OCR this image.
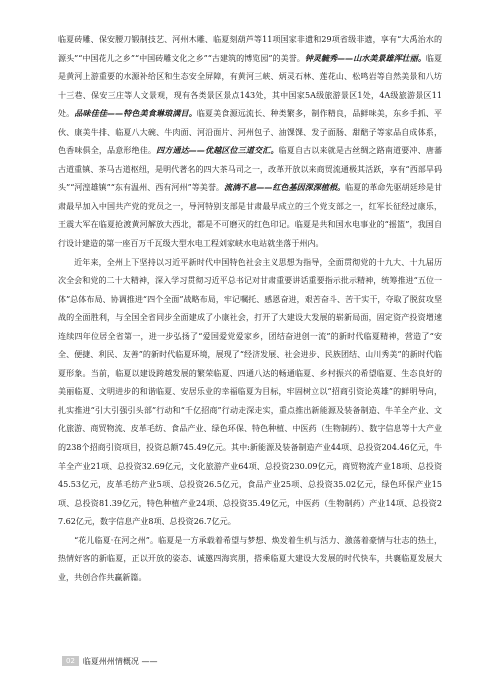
临夏砖雕、保安腰刀锻制技艺、河州木雕、临夏刻葫芦等11项国家非遗和29项省级非遗，享有“大禹治水的源头”“中国花儿之乡”“中国砖雕文化之乡”“古建筑的博览园”的美誉。钟灵毓秀——山水美景雄浑壮丽。临夏是黄河上游重要的水源补给区和生态安全屏障，有黄河三峡、炳灵石林、莲花山、松鸣岩等自然美景和八坊十三巷、保安三庄等人文景观，现有各类景区景点143处，其中国家5A级旅游景区1处，4A级旅游景区11处。品味佳佳——特色美食琳琅满目。临夏美食源远流长、种类繁多，制作精良，品鲜味美，东乡手抓、平伙、康美牛排、临夏八大碗、牛肉面、河沿面片、河州包子、油馃馃、发子面肠、甜醅子等家品自成体系，色香味俱全，品意形绝佳。四方通达——优越区位三道交汇。临夏自古以来就是古丝绸之路南道要冲、唐蕃古道重镇、茶马古道枢纽，是明代著名的四大茶马司之一，改革开放以来商贸流通极其活跃，享有“西部旱码头”“河湟雄镇”“东有温州、西有河州”等美誉。流淌不息——红色基因深深植根。临夏的革命先驱胡廷珍是甘肃最早加入中国共产党的党员之一，导河特别支部是甘肃最早成立的三个党支部之一，红军长征经过康乐，王震大军在临夏抢渡黄河解放大西北，都是不可磨灭的红色印记。临夏是共和国水电事业的“摇篮”，我国自行设计建造的第一座百万千瓦级大型水电工程刘家峡水电站就坐落于州内。

近年来，全州上下坚持以习近平新时代中国特色社会主义思想为指导，全面贯彻党的十九大、十九届历次全会和党的二十大精神，深入学习贯彻习近平总书记对甘肃重要讲话重要指示批示精神，统筹推进“五位一体”总体布局、协调推进“四个全面”战略布局，牢记嘱托、感恩奋进，艰苦奋斗、苦干实干，夺取了脱贫攻坚战的全面胜利，与全国全省同步全面建成了小康社会，打开了大建设大发展的崭新局面，固定资产投资增速连续四年位居全省第一，进一步弘扬了“爱国爱党爱家乡，团结奋进创一流”的新时代临夏精神，营造了“安全、便捷、利民、友善”的新时代临夏环境，展现了“经济发展、社会进步、民族团结、山川秀美”的新时代临夏形象。当前，临夏以建设跨越发展的繁荣临夏、四通八达的畅通临夏、乡村振兴的希望临夏、生态良好的美丽临夏、文明进步的和谐临夏、安居乐业的幸福临夏为目标，牢固树立以“招商引资论英雄”的鲜明导向，扎实推进“引大引强引头部”行动和“千亿招商”行动走深走实，重点推出新能源及装备制造、牛羊全产业、文化旅游、商贸物流、皮革毛纺、食品产业、绿色环保、特色种植、中医药（生物制药）、数字信息等十大产业的238个招商引资项目，投资总额745.49亿元。其中:新能源及装备制造产业44项、总投资204.46亿元，牛羊全产业21项、总投资32.69亿元，文化旅游产业64项、总投资230.09亿元，商贸物流产业18项、总投资45.53亿元，皮革毛纺产业5项、总投资26.5亿元，食品产业25项、总投资35.02亿元，绿色环保产业15项、总投资81.39亿元，特色种植产业24项、总投资35.49亿元，中医药（生物制药）产业14项、总投资27.62亿元，数字信息产业8项、总投资26.7亿元。

“花儿临夏·在河之州”。临夏是一方承载着希望与梦想、焕发着生机与活力、激荡着豪情与壮志的热土，热情好客的新临夏，正以开放的姿态、诚邀四海宾朋，搭乘临夏大建设大发展的时代快车，共襄临夏发展大业，共创合作共赢新篇。

02	临夏州州情概况 ——
